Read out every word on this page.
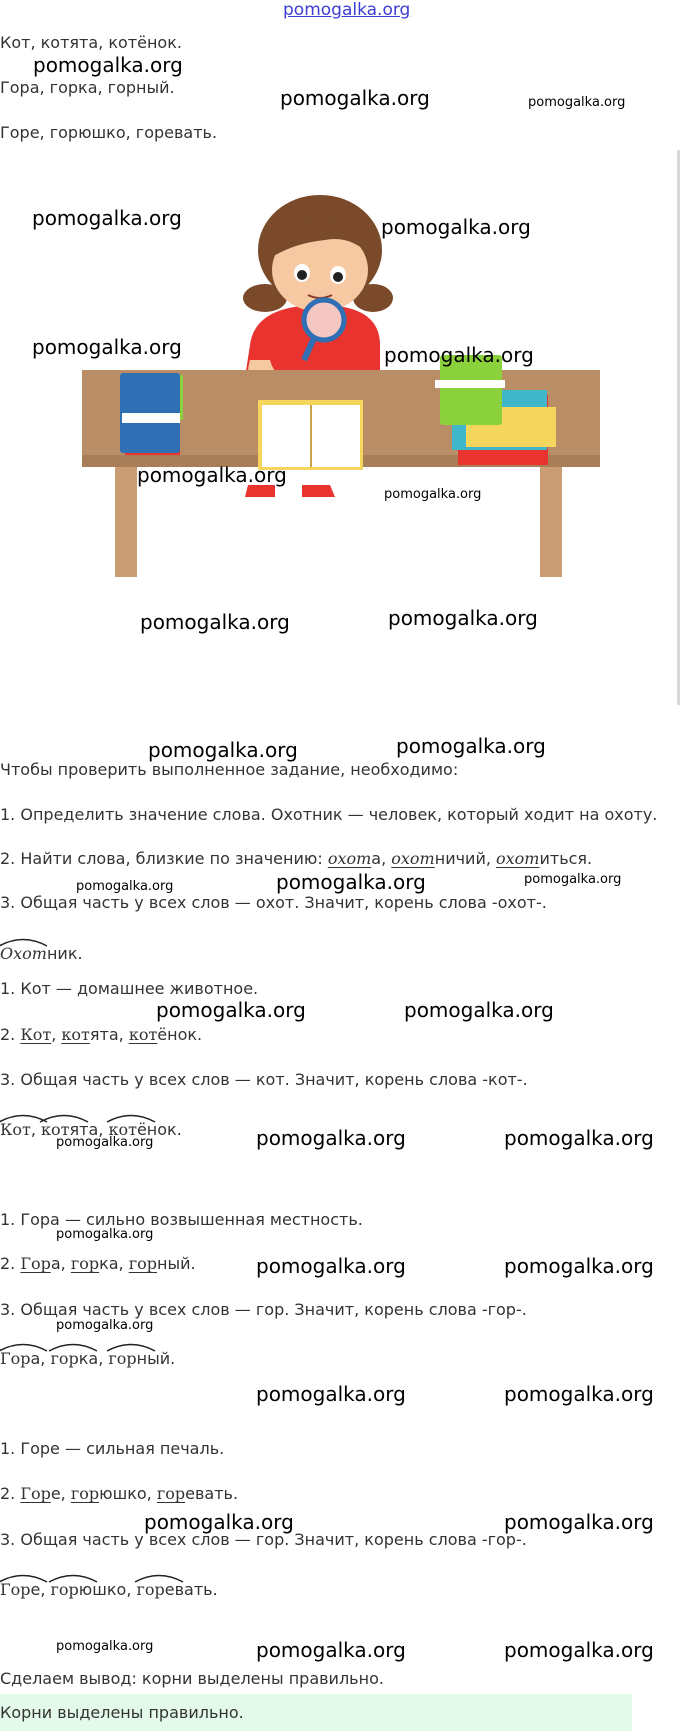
pomogalka.org
Кот, котята, котёнок.
Гора, горка, горный.
Горе, горюшко, горевать.
Чтобы проверить выполненное задание, необходимо:
1. Определить значение слова. Охотник — человек, который ходит на охоту.
2. Найти слова, близкие по значению: охота, охотничий, охотиться.
3. Общая часть у всех слов — охот. Значит, корень слова -охот-.
Охотник.
1. Кот — домашнее животное.
2. Кот, котята, котёнок.
3. Общая часть у всех слов — кот. Значит, корень слова -кот-.
Кот,
котята,
котёнок.
1. Гора — сильно возвышенная местность.
2. Гора, горка, горный.
3. Общая часть у всех слов — гор. Значит, корень слова -гор-.
Гора,
горка,
горный.
1. Горе — сильная печаль.
2. Горе, горюшко, горевать.
3. Общая часть у всех слов — гор. Значит, корень слова -гор-.
Горе,
горюшко,
горевать.
Сделаем вывод: корни выделены правильно.
Корни выделены правильно.
pomogalka.org
pomogalka.org	pomogalka.org
pomogalka.org	pomogalka.org
pomogalka.org	pomogalka.org
pomogalka.org
pomogalka.org
pomogalka.org	pomogalka.org
pomogalka.org	pomogalka.org
pomogalka.org	pomogalka.org	pomogalka.org
pomogalka.org	pomogalka.org
pomogalka.org	pomogalka.org	pomogalka.org
pomogalka.org
pomogalka.org	pomogalka.org
pomogalka.org
pomogalka.org	pomogalka.org
pomogalka.org	pomogalka.org
pomogalka.org	pomogalka.org	pomogalka.org
